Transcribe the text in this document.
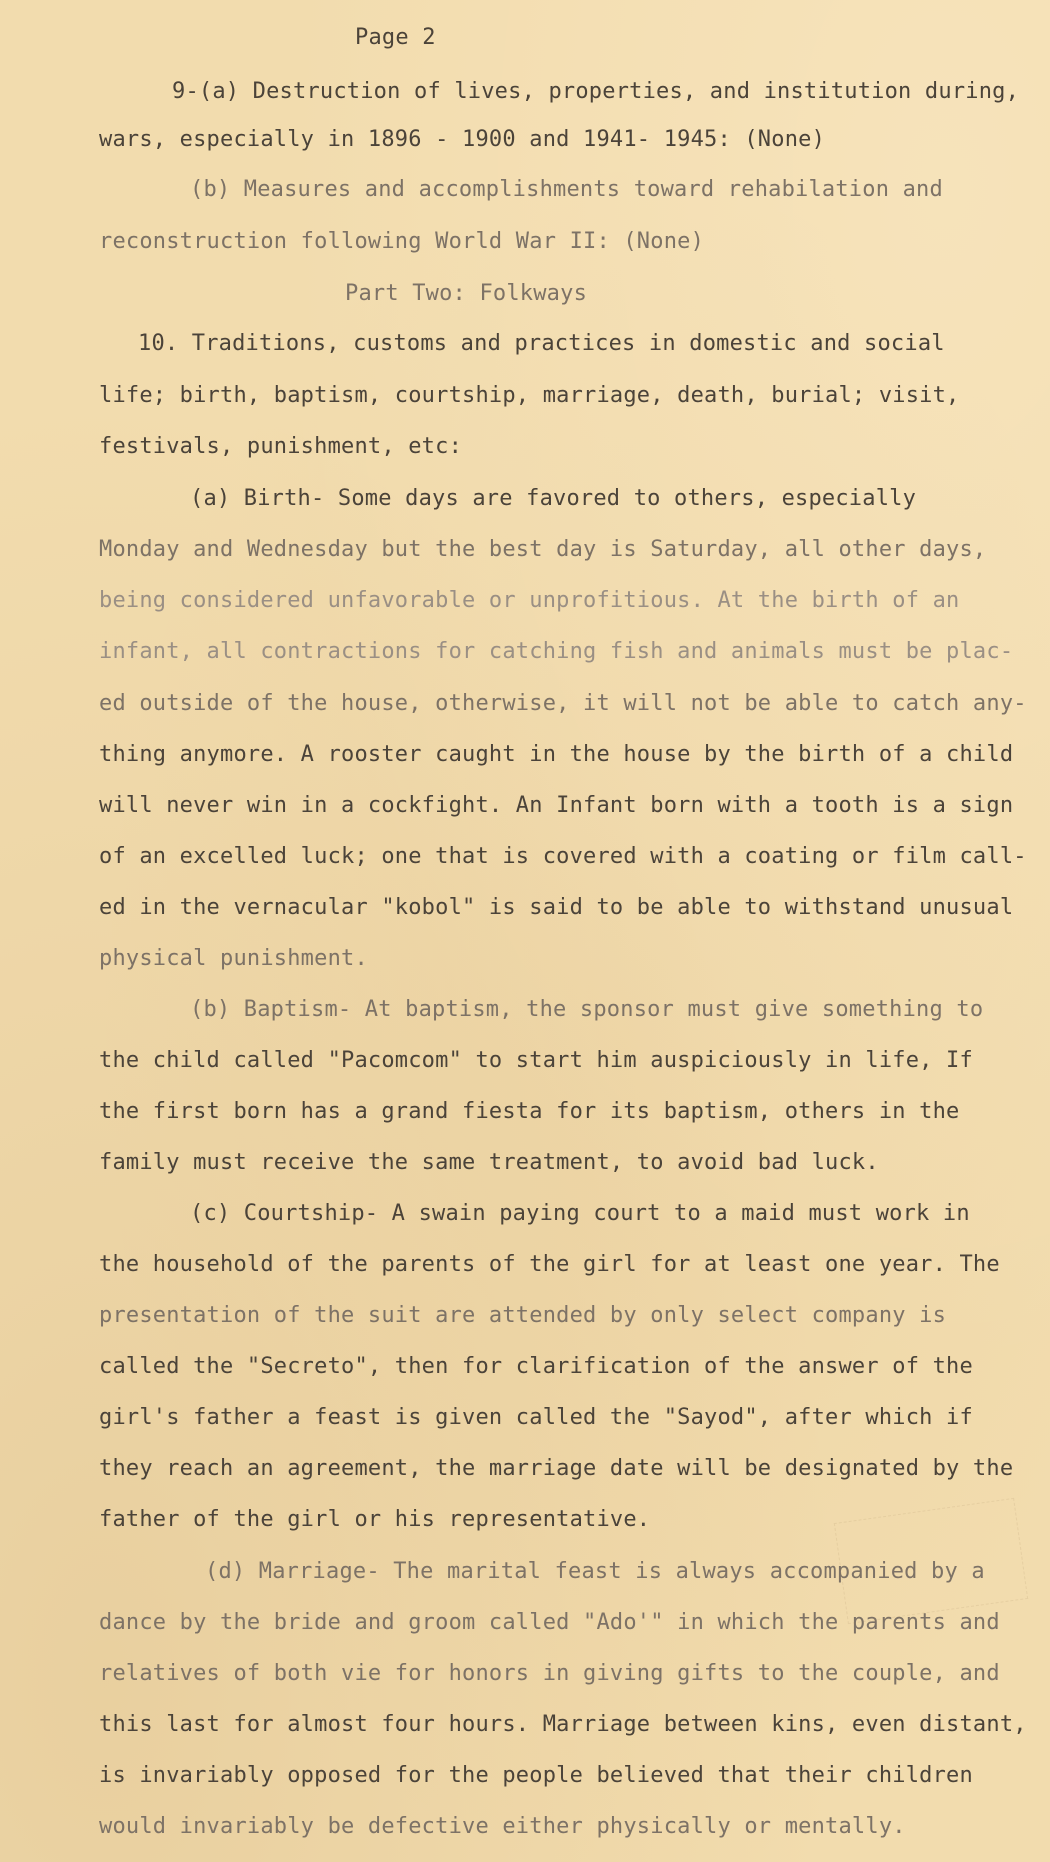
Page 2
9-(a) Destruction of lives, properties, and institution during,
wars, especially in 1896 - 1900 and 1941- 1945: (None)
(b) Measures and accomplishments toward rehabilation and
reconstruction following World War II: (None)
Part Two: Folkways
10. Traditions, customs and practices in domestic and social
life; birth, baptism, courtship, marriage, death, burial; visit,
festivals, punishment, etc:
(a) Birth- Some days are favored to others, especially
Monday and Wednesday but the best day is Saturday, all other days,
being considered unfavorable or unprofitious. At the birth of an
infant, all contractions for catching fish and animals must be plac-
ed outside of the house, otherwise, it will not be able to catch any-
thing anymore. A rooster caught in the house by the birth of a child
will never win in a cockfight. An Infant born with a tooth is a sign
of an excelled luck; one that is covered with a coating or film call-
ed in the vernacular "kobol" is said to be able to withstand unusual
physical punishment.
(b) Baptism- At baptism, the sponsor must give something to
the child called "Pacomcom" to start him auspiciously in life, If
the first born has a grand fiesta for its baptism, others in the
family must receive the same treatment, to avoid bad luck.
(c) Courtship- A swain paying court to a maid must work in
the household of the parents of the girl for at least one year. The
presentation of the suit are attended by only select company is
called the "Secreto", then for clarification of the answer of the
girl's father a feast is given called the "Sayod", after which if
they reach an agreement, the marriage date will be designated by the
father of the girl or his representative.
(d) Marriage- The marital feast is always accompanied by a
dance by the bride and groom called "Ado'" in which the parents and
relatives of both vie for honors in giving gifts to the couple, and
this last for almost four hours. Marriage between kins, even distant,
is invariably opposed for the people believed that their children
would invariably be defective either physically or mentally.
